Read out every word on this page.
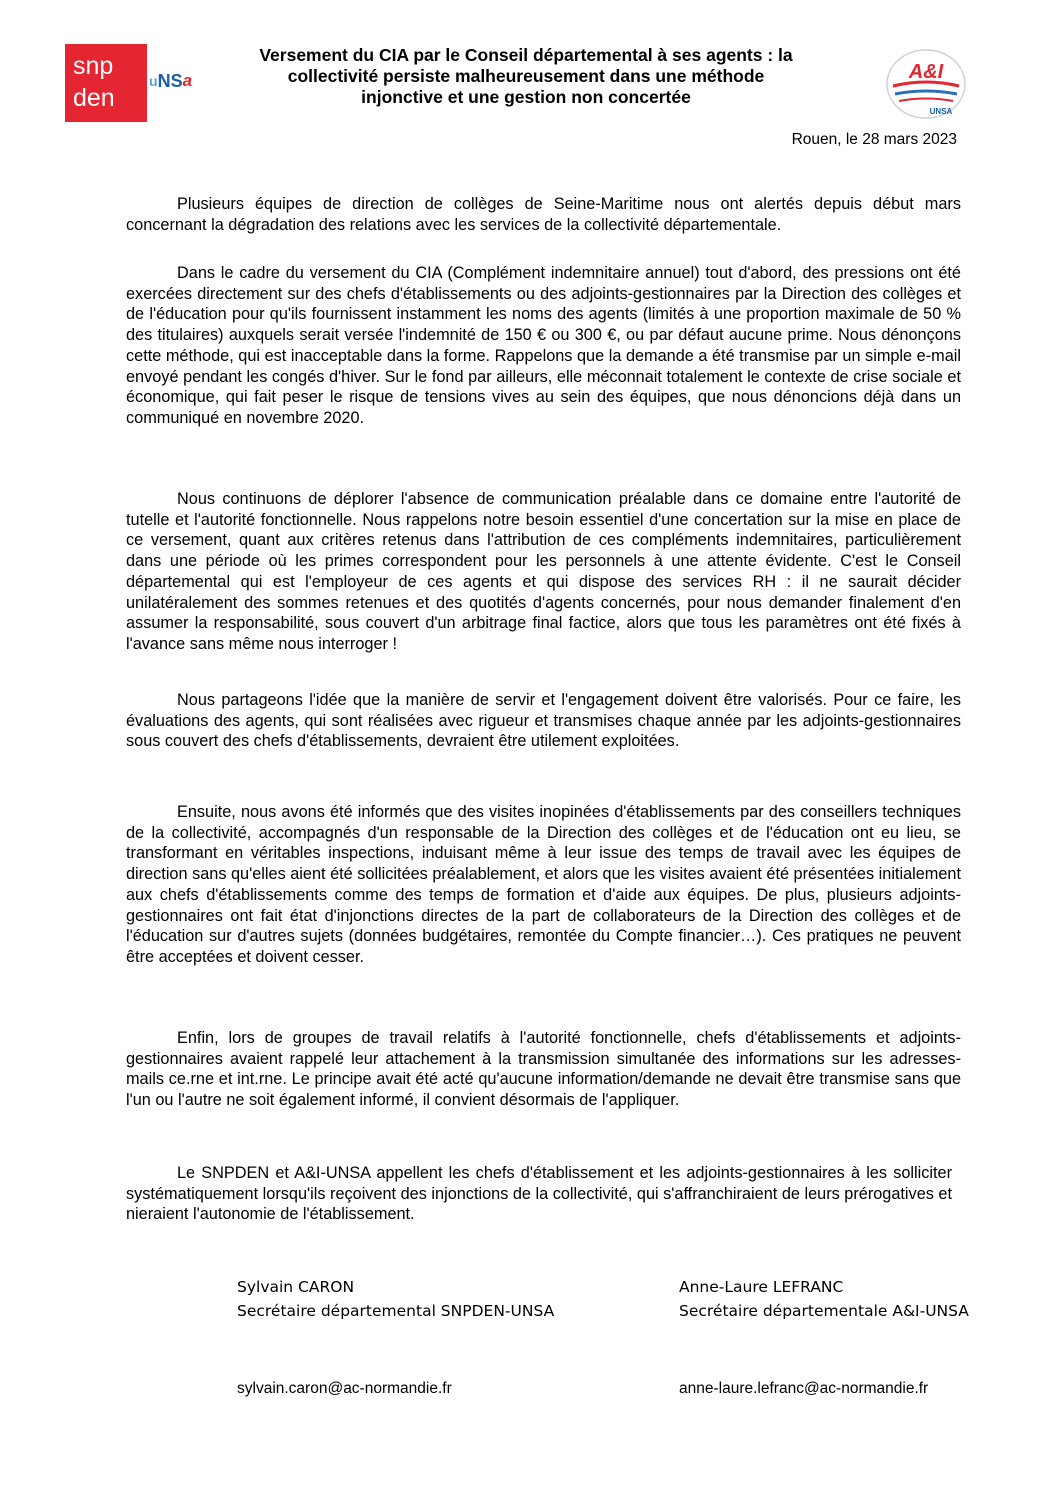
snp
den
u N S a
Versement du CIA par le Conseil départemental à ses agents : la
collectivité persiste malheureusement dans une méthode
injonctive et une gestion non concertée
A&I
UNSA
Rouen, le 28 mars 2023

Plusieurs équipes de direction de collèges de Seine-Maritime nous ont alertés depuis début mars concernant la dégradation des relations avec les services de la collectivité départementale.

Dans le cadre du versement du CIA (Complément indemnitaire annuel) tout d'abord, des pressions ont été exercées directement sur des chefs d'établissements ou des adjoints-gestionnaires par la Direction des collèges et de l'éducation pour qu'ils fournissent instamment les noms des agents (limités à une proportion maximale de 50 % des titulaires) auxquels serait versée l'indemnité de 150 € ou 300 €, ou par défaut aucune prime. Nous dénonçons cette méthode, qui est inacceptable dans la forme. Rappelons que la demande a été transmise par un simple e-mail envoyé pendant les congés d'hiver. Sur le fond par ailleurs, elle méconnait totalement le contexte de crise sociale et économique, qui fait peser le risque de tensions vives au sein des équipes, que nous dénoncions déjà dans un communiqué en novembre 2020.

Nous continuons de déplorer l'absence de communication préalable dans ce domaine entre l'autorité de tutelle et l'autorité fonctionnelle. Nous rappelons notre besoin essentiel d'une concertation sur la mise en place de ce versement, quant aux critères retenus dans l'attribution de ces compléments indemnitaires, particulièrement dans une période où les primes correspondent pour les personnels à une attente évidente. C'est le Conseil départemental qui est l'employeur de ces agents et qui dispose des services RH : il ne saurait décider unilatéralement des sommes retenues et des quotités d'agents concernés, pour nous demander finalement d'en assumer la responsabilité, sous couvert d'un arbitrage final factice, alors que tous les paramètres ont été fixés à l'avance sans même nous interroger !

Nous partageons l'idée que la manière de servir et l'engagement doivent être valorisés. Pour ce faire, les évaluations des agents, qui sont réalisées avec rigueur et transmises chaque année par les adjoints-gestionnaires sous couvert des chefs d'établissements, devraient être utilement exploitées.

Ensuite, nous avons été informés que des visites inopinées d'établissements par des conseillers techniques de la collectivité, accompagnés d'un responsable de la Direction des collèges et de l'éducation ont eu lieu, se transformant en véritables inspections, induisant même à leur issue des temps de travail avec les équipes de direction sans qu'elles aient été sollicitées préalablement, et alors que les visites avaient été présentées initialement aux chefs d'établissements comme des temps de formation et d'aide aux équipes. De plus, plusieurs adjoints-gestionnaires ont fait état d'injonctions directes de la part de collaborateurs de la Direction des collèges et de l'éducation sur d'autres sujets (données budgétaires, remontée du Compte financier…). Ces pratiques ne peuvent être acceptées et doivent cesser.

Enfin, lors de groupes de travail relatifs à l'autorité fonctionnelle, chefs d'établissements et adjoints-gestionnaires avaient rappelé leur attachement à la transmission simultanée des informations sur les adresses-mails ce.rne et int.rne. Le principe avait été acté qu'aucune information/demande ne devait être transmise sans que l'un ou l'autre ne soit également informé, il convient désormais de l'appliquer.

Le SNPDEN et A&I-UNSA appellent les chefs d'établissement et les adjoints-gestionnaires à les solliciter systématiquement lorsqu'ils reçoivent des injonctions de la collectivité, qui s'affranchiraient de leurs prérogatives et nieraient l'autonomie de l'établissement.

Sylvain CARON
Secrétaire départemental SNPDEN-UNSA
Anne-Laure LEFRANC
Secrétaire départementale A&I-UNSA
sylvain.caron@ac-normandie.fr	anne-laure.lefranc@ac-normandie.fr
